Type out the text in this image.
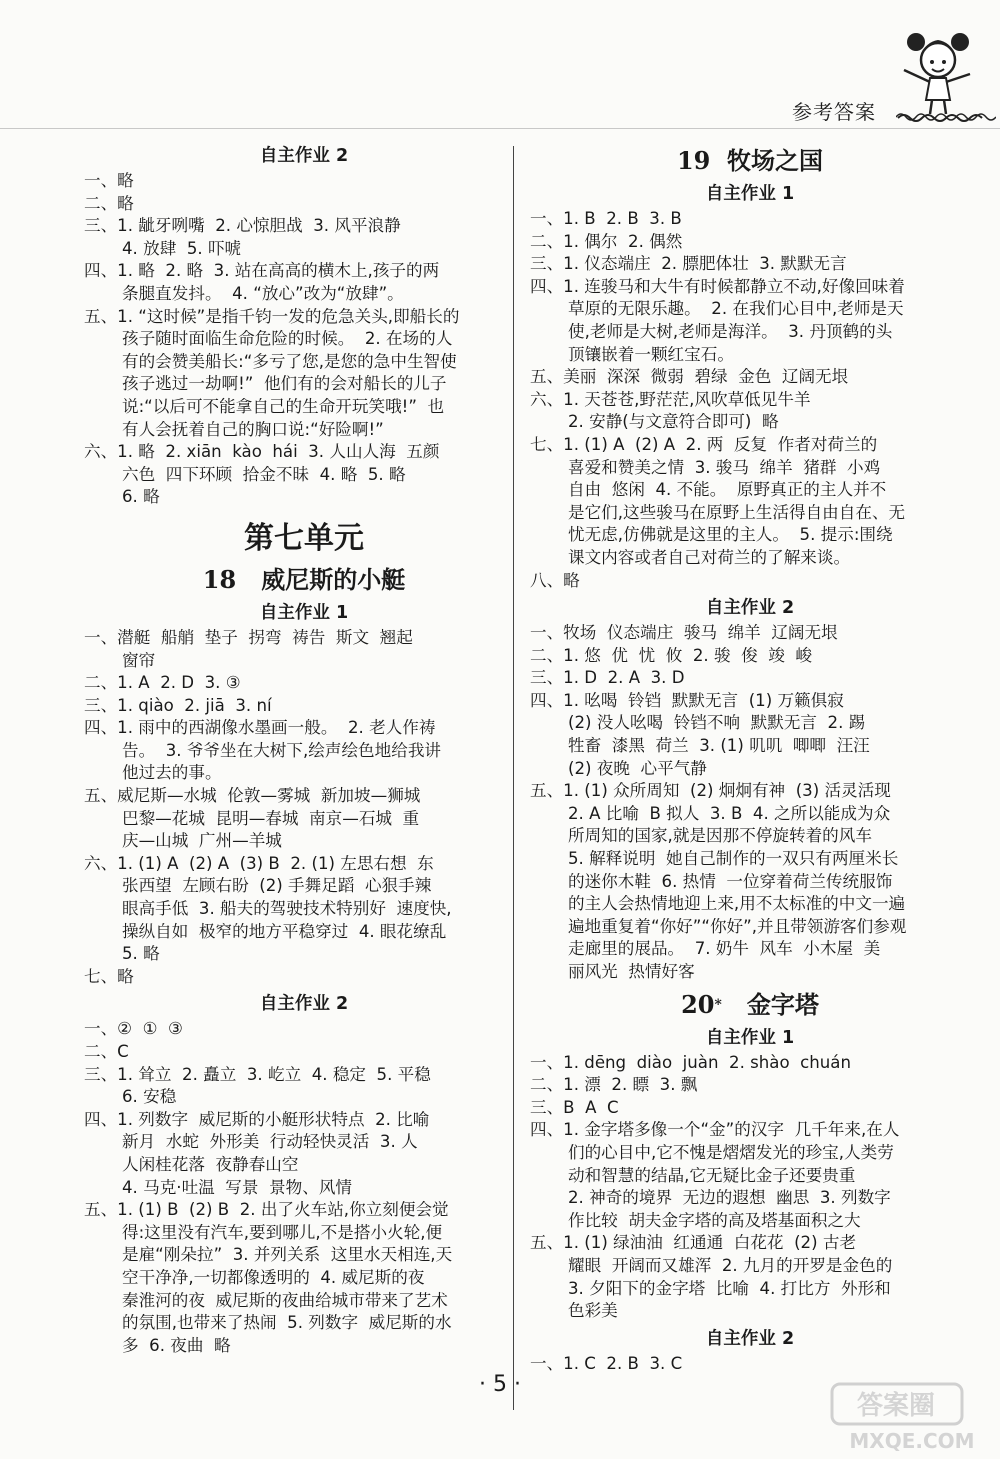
参考答案
自主作业 2
一、略
二、略
三、1. 龇牙咧嘴  2. 心惊胆战  3. 风平浪静
4. 放肆  5. 吓唬
四、1. 略  2. 略  3. 站在高高的横木上,孩子的两
条腿直发抖。  4. “放心”改为“放肆”。
五、1. “这时候”是指千钧一发的危急关头,即船长的
孩子随时面临生命危险的时候。  2. 在场的人
有的会赞美船长:“多亏了您,是您的急中生智使
孩子逃过一劫啊!”  他们有的会对船长的儿子
说:“以后可不能拿自己的生命开玩笑哦!”  也
有人会抚着自己的胸口说:“好险啊!”
六、1. 略  2. xiān  kào  hái  3. 人山人海  五颜
六色  四下环顾  拾金不昧  4. 略  5. 略
6. 略
第七单元
18   威尼斯的小艇
自主作业 1
一、潜艇  船艄  垫子  拐弯  祷告  斯文  翘起
窗帘
二、1. A  2. D  3. ③
三、1. qiào  2. jiā  3. ní
四、1. 雨中的西湖像水墨画一般。  2. 老人作祷
告。  3. 爷爷坐在大树下,绘声绘色地给我讲
他过去的事。
五、威尼斯—水城  伦敦—雾城  新加坡—狮城
巴黎—花城  昆明—春城  南京—石城  重
庆—山城  广州—羊城
六、1. (1) A  (2) A  (3) B  2. (1) 左思右想  东
张西望  左顾右盼  (2) 手舞足蹈  心狠手辣
眼高手低  3. 船夫的驾驶技术特别好  速度快,
操纵自如  极窄的地方平稳穿过  4. 眼花缭乱
5. 略
七、略
自主作业 2
一、②  ①  ③
二、C
三、1. 耸立  2. 矗立  3. 屹立  4. 稳定  5. 平稳
6. 安稳
四、1. 列数字  威尼斯的小艇形状特点  2. 比喻
新月  水蛇  外形美  行动轻快灵活  3. 人
人闲桂花落  夜静春山空
4. 马克·吐温  写景  景物、风情
五、1. (1) B  (2) B  2. 出了火车站,你立刻便会觉
得:这里没有汽车,要到哪儿,不是搭小火轮,便
是雇“刚朵拉”  3. 并列关系  这里水天相连,天
空干净净,一切都像透明的  4. 威尼斯的夜
秦淮河的夜  威尼斯的夜曲给城市带来了艺术
的氛围,也带来了热闹  5. 列数字  威尼斯的水
多  6. 夜曲  略
19  牧场之国
自主作业 1
一、1. B  2. B  3. B
二、1. 偶尔  2. 偶然
三、1. 仪态端庄  2. 膘肥体壮  3. 默默无言
四、1. 连骏马和大牛有时候都静立不动,好像回味着
草原的无限乐趣。  2. 在我们心目中,老师是天
使,老师是大树,老师是海洋。  3. 丹顶鹤的头
顶镶嵌着一颗红宝石。
五、美丽  深深  微弱  碧绿  金色  辽阔无垠
六、1. 天苍苍,野茫茫,风吹草低见牛羊
2. 安静(与文意符合即可)  略
七、1. (1) A  (2) A  2. 两  反复  作者对荷兰的
喜爱和赞美之情  3. 骏马  绵羊  猪群  小鸡
自由  悠闲  4. 不能。  原野真正的主人并不
是它们,这些骏马在原野上生活得自由自在、无
忧无虑,仿佛就是这里的主人。  5. 提示:围绕
课文内容或者自己对荷兰的了解来谈。
八、略
自主作业 2
一、牧场  仪态端庄  骏马  绵羊  辽阔无垠
二、1. 悠  优  忧  攸  2. 骏  俊  竣  峻
三、1. D  2. A  3. D
四、1. 吆喝  铃铛  默默无言  (1) 万籁俱寂
(2) 没人吆喝  铃铛不响  默默无言  2. 踢
牲畜  漆黑  荷兰  3. (1) 叽叽  唧唧  汪汪
(2) 夜晚  心平气静
五、1. (1) 众所周知  (2) 炯炯有神  (3) 活灵活现
2. A 比喻  B 拟人  3. B  4. 之所以能成为众
所周知的国家,就是因那不停旋转着的风车
5. 解释说明  她自己制作的一双只有两厘米长
的迷你木鞋  6. 热情  一位穿着荷兰传统服饰
的主人会热情地迎上来,用不太标准的中文一遍
遍地重复着“你好”“你好”,并且带领游客们参观
走廊里的展品。  7. 奶牛  风车  小木屋  美
丽风光  热情好客
20*   金字塔
自主作业 1
一、1. dēng  diào  juàn  2. shào  chuán
二、1. 漂  2. 瞟  3. 飘
三、B  A  C
四、1. 金字塔多像一个“金”的汉字  几千年来,在人
们的心目中,它不愧是熠熠发光的珍宝,人类劳
动和智慧的结晶,它无疑比金子还要贵重
2. 神奇的境界  无边的遐想  幽思  3. 列数字
作比较  胡夫金字塔的高及塔基面积之大
五、1. (1) 绿油油  红通通  白花花  (2) 古老
耀眼  开阔而又雄浑  2. 九月的开罗是金色的
3. 夕阳下的金字塔  比喻  4. 打比方  外形和
色彩美
自主作业 2
一、1. C  2. B  3. C
· 5 ·
答案圈
MXQE.COM
